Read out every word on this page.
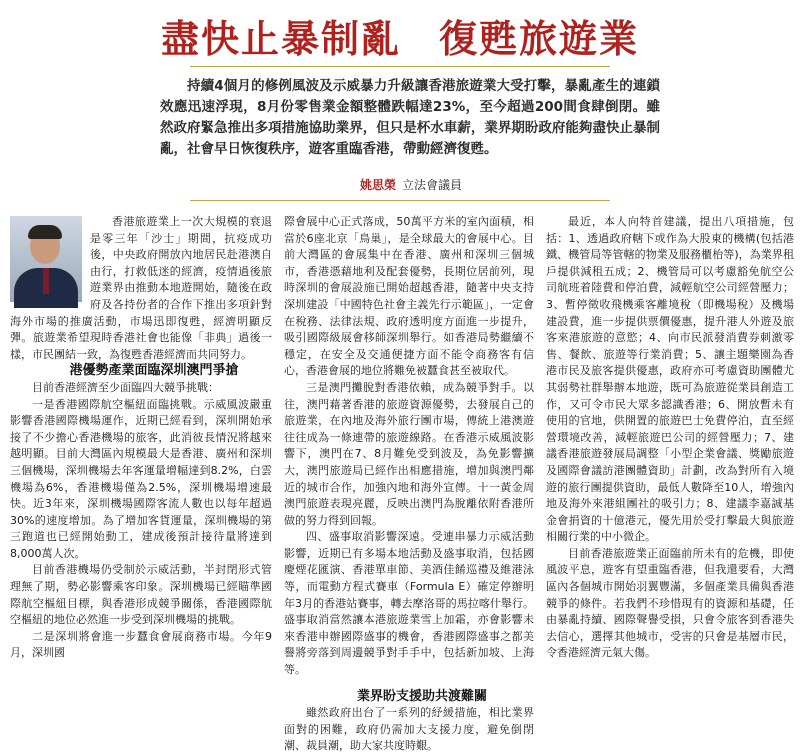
盡快止暴制亂 復甦旅遊業
持續4個月的修例風波及示威暴力升級讓香港旅遊業大受打擊，暴亂產生的連鎖效應迅速浮現，8月份零售業金額整體跌幅達23%，至今超過200間食肆倒閉。雖然政府緊急推出多項措施協助業界，但只是杯水車薪，業界期盼政府能夠盡快止暴制亂，社會早日恢復秩序，遊客重臨香港，帶動經濟復甦。
姚思榮 立法會議員

香港旅遊業上一次大規模的衰退是零三年「沙士」期間，抗疫成功後，中央政府開放內地居民赴港澳自由行，打救低迷的經濟，疫情過後旅遊業界由推動本地遊開始，隨後在政府及各持份者的合作下推出多項針對海外市場的推廣活動，市場迅即復甦，經濟明顯反彈。旅遊業希望現時香港社會也能像「非典」過後一樣，市民團結一致，為復甦香港經濟而共同努力。

港優勢產業面臨深圳澳門爭搶

目前香港經濟至少面臨四大競爭挑戰：

一是香港國際航空樞紐面臨挑戰。示威風波嚴重影響香港國際機場運作，近期已經看到，深圳開始承接了不少擔心香港機場的旅客，此消彼長情況將越來越明顯。目前大灣區內規模最大是香港、廣州和深圳三個機場，深圳機場去年客運量增幅達到8.2%，白雲機場為6%，香港機場僅為2.5%，深圳機場增速最快。近3年來，深圳機場國際客流人數也以每年超過30%的速度增加。為了增加客貨運量，深圳機場的第三跑道也已經開始動工，建成後預計接待量將達到8,000萬人次。

目前香港機場仍受制於示威活動，半封閉形式管理無了期，勢必影響乘客印象。深圳機場已經瞄準國際航空樞紐目標，與香港形成競爭關係，香港國際航空樞紐的地位必然進一步受到深圳機場的挑戰。

二是深圳將會進一步蠶食會展商務市場。今年9月，深圳國

際會展中心正式落成，50萬平方米的室內面積，相當於6座北京「鳥巢」，是全球最大的會展中心。目前大灣區的會展集中在香港、廣州和深圳三個城市，香港憑藉地利及配套優勢，長期位居前列，現時深圳的會展設施已開始超越香港，隨著中央支持深圳建設「中國特色社會主義先行示範區」，一定會在稅務、法律法規、政府透明度方面進一步提升，吸引國際級展會移師深圳舉行。如香港局勢繼續不穩定，在安全及交通便捷方面不能令商務客有信心，香港會展的地位將難免被蠶食甚至被取代。

三是澳門攤脫對香港依賴，成為競爭對手。以往，澳門藉著香港的旅遊資源優勢，去發展自己的旅遊業，在內地及海外旅行團市場，傳統上港澳遊往往成為一條連帶的旅遊線路。在香港示威風波影響下，澳門在7、8月難免受到波及，為免影響擴大，澳門旅遊局已經作出相應措施，增加與澳門鄰近的城市合作，加強內地和海外宣傳。十一黃金周澳門旅遊表現亮麗，反映出澳門為脫離依附香港所做的努力得到回報。

四、盛事取消影響深遠。受連串暴力示威活動影響，近期已有多場本地活動及盛事取消，包括國慶煙花匯演、香港單車節、美酒佳餚巡禮及維港泳等，而電動方程式賽車（Formula E）確定停辦明年3月的香港站賽事，轉去摩洛哥的馬拉喀什舉行。盛事取消當然讓本港旅遊業雪上加霜，亦會影響未來香港申辦國際盛事的機會，香港國際盛事之都美譽將旁落到周邊競爭對手手中，包括新加坡、上海等。

業界盼支援助共渡難關

雖然政府出台了一系列的紓緩措施，相比業界面對的困難，政府仍需加大支援力度，避免倒閉潮、裁員潮，助大家共度時艱。

最近，本人向特首建議，提出八項措施，包括：1、透過政府轄下或作為大股東的機構(包括港鐵、機管局等管轄的物業及服務櫃枱等)，為業界租戶提供減租五成；2、機管局可以考慮豁免航空公司航班着陸費和停泊費，減輕航空公司經營壓力；3、暫停徵收飛機乘客離境稅（即機場稅）及機場建設費，進一步提供票價優惠，提升港人外遊及旅客來港旅遊的意慾；4、向市民派發消費券刺激零售、餐飲、旅遊等行業消費；5、讓主題樂園為香港市民及旅客提供優惠，政府亦可考慮資助團體尤其弱勢社群舉辦本地遊，既可為旅遊從業員創造工作，又可令市民大眾多認識香港；6、開放暫未有使用的官地，供開置的旅遊巴士免費停泊，直至經營環境改善，減輕旅遊巴公司的經營壓力；7、建議香港旅遊發展局調整「小型企業會議、獎勵旅遊及國際會議訪港團體資助」計劃，改為對所有入境遊的旅行團提供資助，最低人數降至10人，增強內地及海外來港組團社的吸引力；8、建議李嘉誠基金會捐資的十億港元，優先用於受打擊最大與旅遊相關行業的中小微企。

目前香港旅遊業正面臨前所未有的危機，即使風波平息，遊客有望重臨香港，但我還要看，大灣區內各個城市開始羽翼豐滿，多個產業具備與香港競爭的條件。若我們不珍惜現有的資源和基礎，任由暴亂持續、國際聲譽受損，只會令旅客到香港失去信心，選擇其他城市，受害的只會是基層市民，令香港經濟元氣大傷。
